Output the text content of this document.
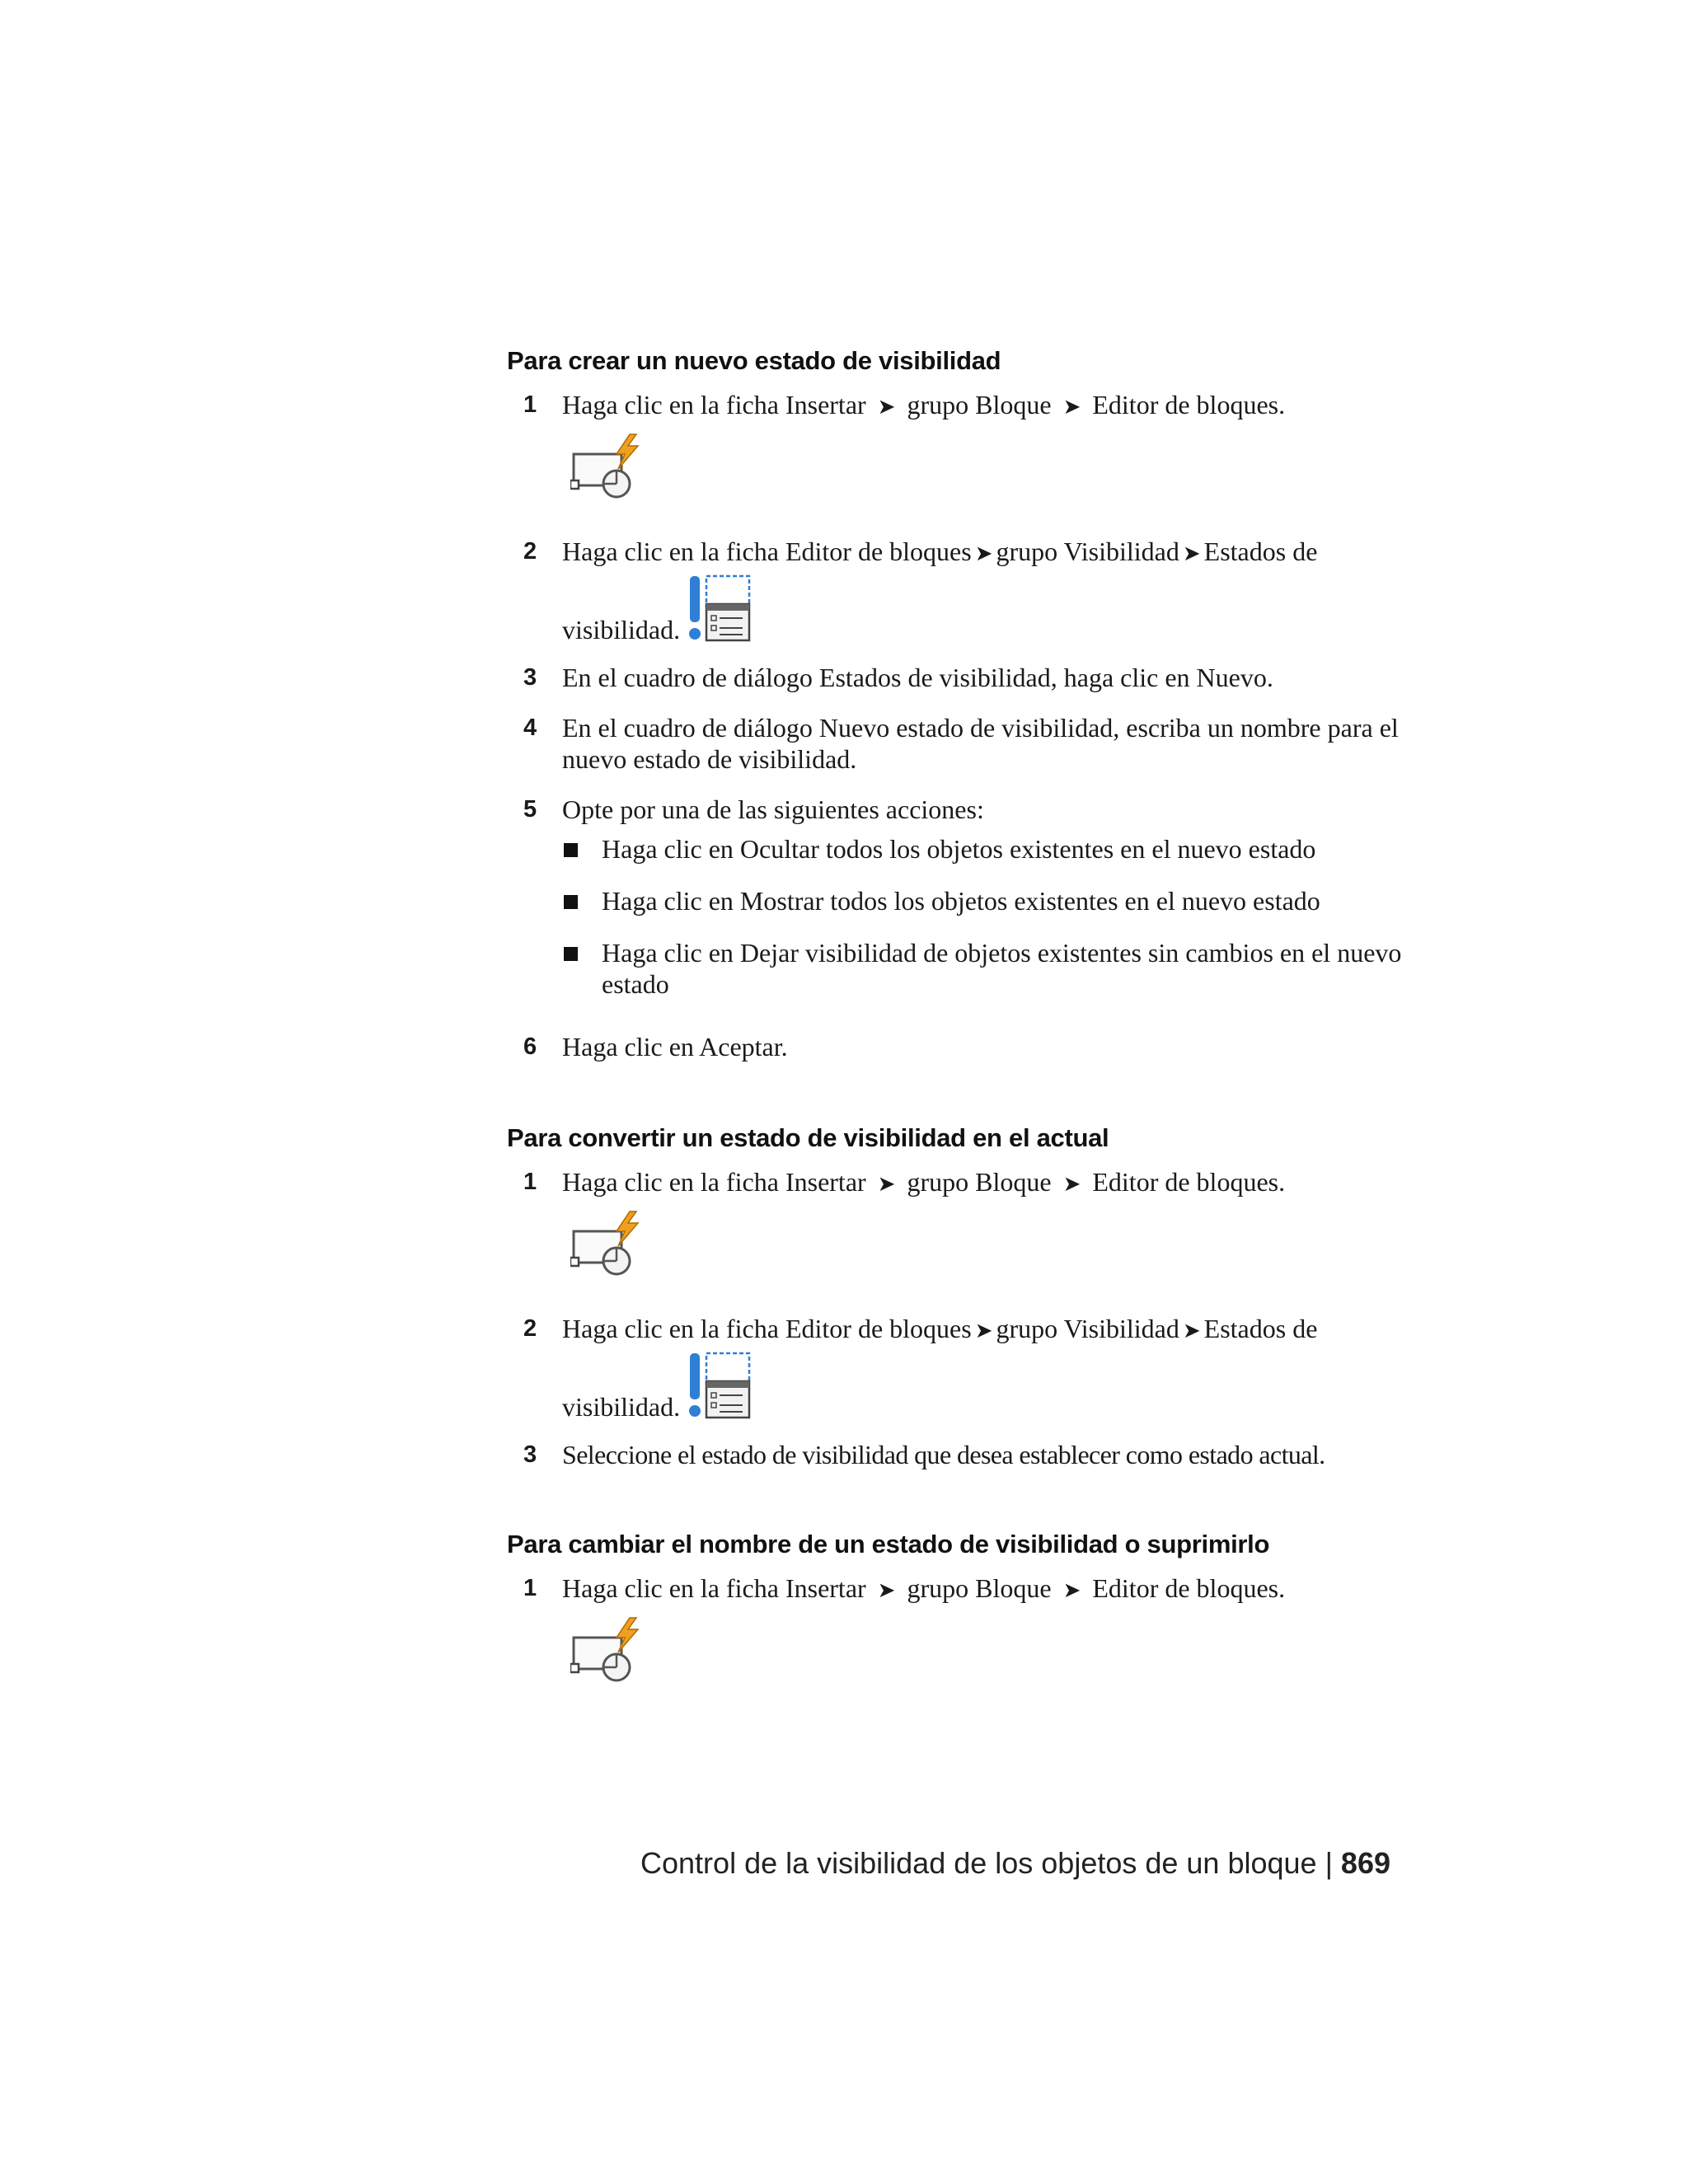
Para crear un nuevo estado de visibilidad
1 Haga clic en la ficha Insertar ➤ grupo Bloque ➤ Editor de bloques.
2 Haga clic en la ficha Editor de bloques ➤ grupo Visibilidad ➤ Estados de
visibilidad.
3 En el cuadro de diálogo Estados de visibilidad, haga clic en Nuevo.
4 En el cuadro de diálogo Nuevo estado de visibilidad, escriba un nombre para el nuevo estado de visibilidad.
5 Opte por una de las siguientes acciones:
Haga clic en Ocultar todos los objetos existentes en el nuevo estado
Haga clic en Mostrar todos los objetos existentes en el nuevo estado
Haga clic en Dejar visibilidad de objetos existentes sin cambios en el nuevo estado
6 Haga clic en Aceptar.
Para convertir un estado de visibilidad en el actual
1 Haga clic en la ficha Insertar ➤ grupo Bloque ➤ Editor de bloques.
2 Haga clic en la ficha Editor de bloques ➤ grupo Visibilidad ➤ Estados de
visibilidad.
3 Seleccione el estado de visibilidad que desea establecer como estado actual.
Para cambiar el nombre de un estado de visibilidad o suprimirlo
1 Haga clic en la ficha Insertar ➤ grupo Bloque ➤ Editor de bloques.
Control de la visibilidad de los objetos de un bloque | 869
